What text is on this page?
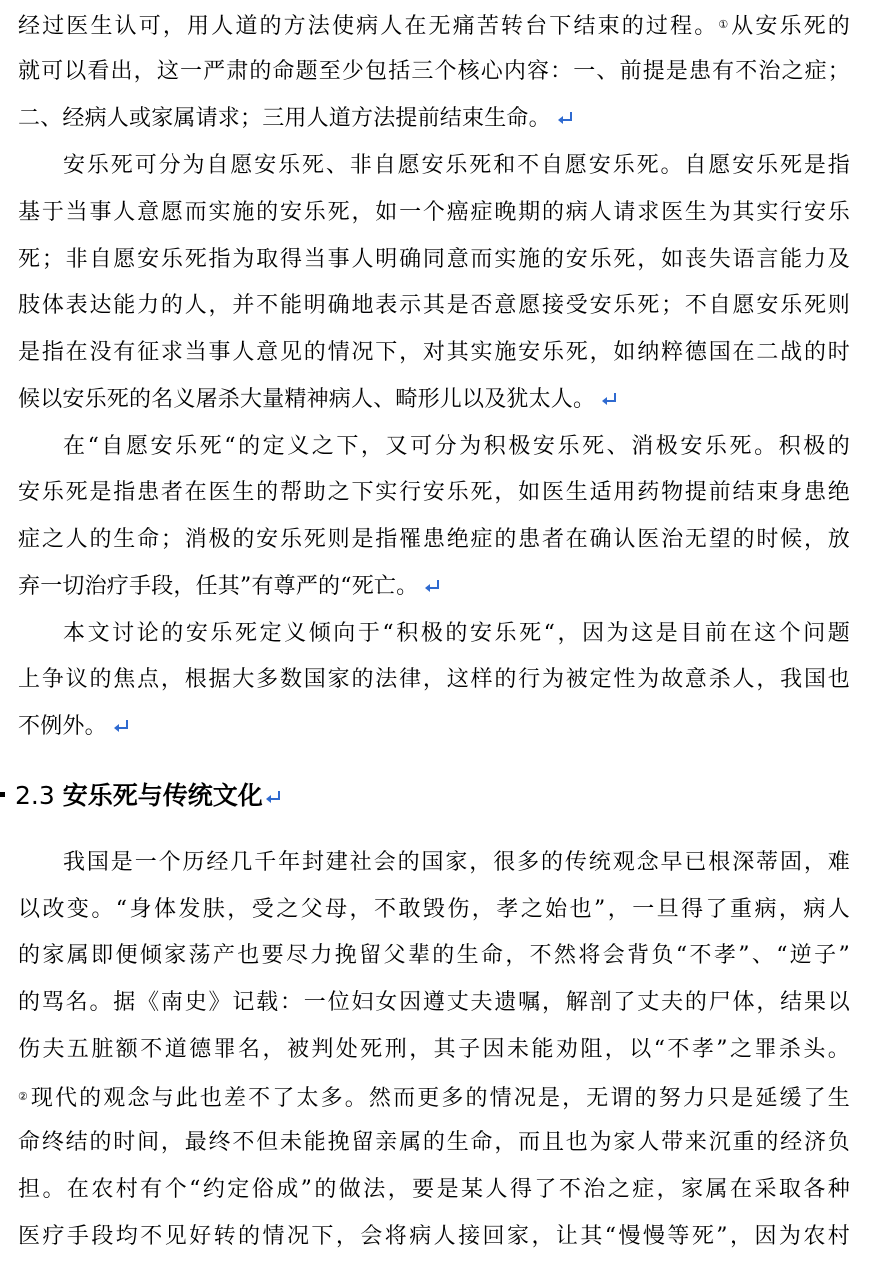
经过医生认可，用人道的方法使病人在无痛苦转台下结束的过程。①从安乐死的
就可以看出，这一严肃的命题至少包括三个核心内容：一、前提是患有不治之症；
二、经病人或家属请求；三用人道方法提前结束生命。
安乐死可分为自愿安乐死、非自愿安乐死和不自愿安乐死。自愿安乐死是指
基于当事人意愿而实施的安乐死，如一个癌症晚期的病人请求医生为其实行安乐
死；非自愿安乐死指为取得当事人明确同意而实施的安乐死，如丧失语言能力及
肢体表达能力的人，并不能明确地表示其是否意愿接受安乐死；不自愿安乐死则
是指在没有征求当事人意见的情况下，对其实施安乐死，如纳粹德国在二战的时
候以安乐死的名义屠杀大量精神病人、畸形儿以及犹太人。
在“自愿安乐死“的定义之下，又可分为积极安乐死、消极安乐死。积极的
安乐死是指患者在医生的帮助之下实行安乐死，如医生适用药物提前结束身患绝
症之人的生命；消极的安乐死则是指罹患绝症的患者在确认医治无望的时候，放
弃一切治疗手段，任其”有尊严的“死亡。
本文讨论的安乐死定义倾向于“积极的安乐死“，因为这是目前在这个问题
上争议的焦点，根据大多数国家的法律，这样的行为被定性为故意杀人，我国也
不例外。
2.3 安乐死与传统文化
我国是一个历经几千年封建社会的国家，很多的传统观念早已根深蒂固，难
以改变。“身体发肤，受之父母，不敢毁伤，孝之始也”，一旦得了重病，病人
的家属即便倾家荡产也要尽力挽留父辈的生命，不然将会背负“不孝”、“逆子”
的骂名。据《南史》记载：一位妇女因遵丈夫遗嘱，解剖了丈夫的尸体，结果以
伤夫五脏额不道德罪名，被判处死刑，其子因未能劝阻，以“不孝”之罪杀头。
②现代的观念与此也差不了太多。然而更多的情况是，无谓的努力只是延缓了生
命终结的时间，最终不但未能挽留亲属的生命，而且也为家人带来沉重的经济负
担。在农村有个“约定俗成”的做法，要是某人得了不治之症，家属在采取各种
医疗手段均不见好转的情况下，会将病人接回家，让其“慢慢等死”，因为农村
